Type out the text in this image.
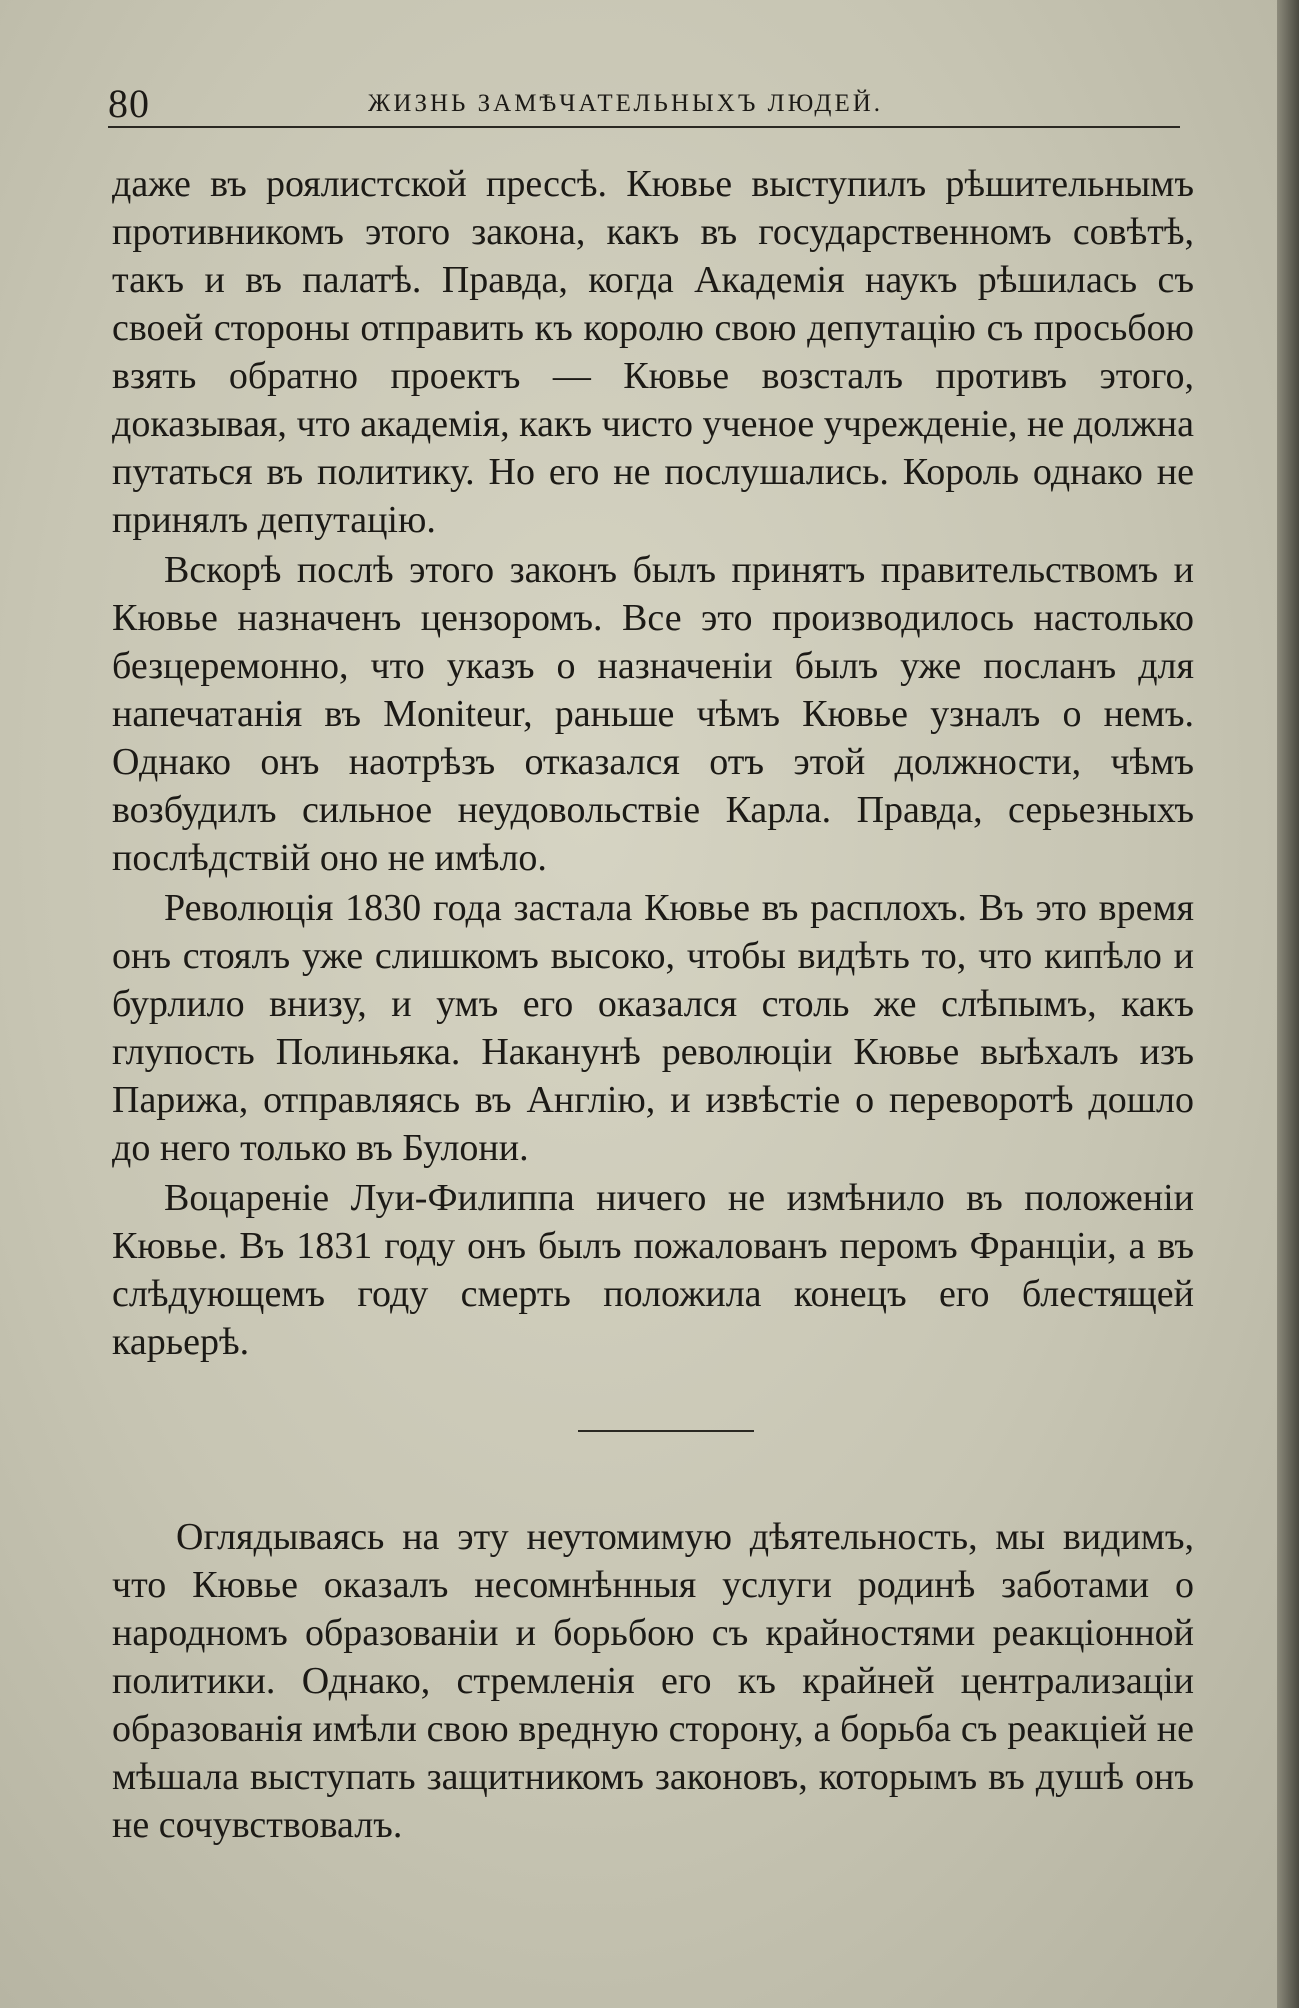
80	ЖИЗНЬ ЗАМѢЧАТЕЛЬНЫХЪ ЛЮДЕЙ.

даже въ роялистской прессѣ. Кювье выступилъ рѣшительнымъ противникомъ этого закона, какъ въ государственномъ совѣтѣ, такъ и въ палатѣ. Правда, когда Академія наукъ рѣшилась съ своей стороны отправить къ королю свою депутацію съ просьбою взять обратно проектъ — Кювье возсталъ противъ этого, доказывая, что академія, какъ чисто ученое учрежденіе, не должна путаться въ политику. Но его не послушались. Король однако не принялъ депутацію.

Вскорѣ послѣ этого законъ былъ принятъ правительствомъ и Кювье назначенъ цензоромъ. Все это производилось настолько безцеремонно, что указъ о назначеніи былъ уже посланъ для напечатанія въ Moniteur, раньше чѣмъ Кювье узналъ о немъ. Однако онъ наотрѣзъ отказался отъ этой должности, чѣмъ возбудилъ сильное неудовольствіе Карла. Правда, серьезныхъ послѣдствій оно не имѣло.

Революція 1830 года застала Кювье въ расплохъ. Въ это время онъ стоялъ уже слишкомъ высоко, чтобы видѣть то, что кипѣло и бурлило внизу, и умъ его оказался столь же слѣпымъ, какъ глупость Полиньяка. Наканунѣ революціи Кювье выѣхалъ изъ Парижа, отправляясь въ Англію, и извѣстіе о переворотѣ дошло до него только въ Булони.

Воцареніе Луи-Филиппа ничего не измѣнило въ положеніи Кювье. Въ 1831 году онъ былъ пожалованъ перомъ Франціи, а въ слѣдующемъ году смерть положила конецъ его блестящей карьерѣ.

Оглядываясь на эту неутомимую дѣятельность, мы видимъ, что Кювье оказалъ несомнѣнныя услуги родинѣ заботами о народномъ образованіи и борьбою съ крайностями реакціонной политики. Однако, стремленія его къ крайней централизаціи образованія имѣли свою вредную сторону, а борьба съ реакціей не мѣшала выступать защитникомъ законовъ, которымъ въ душѣ онъ не сочувствовалъ.
